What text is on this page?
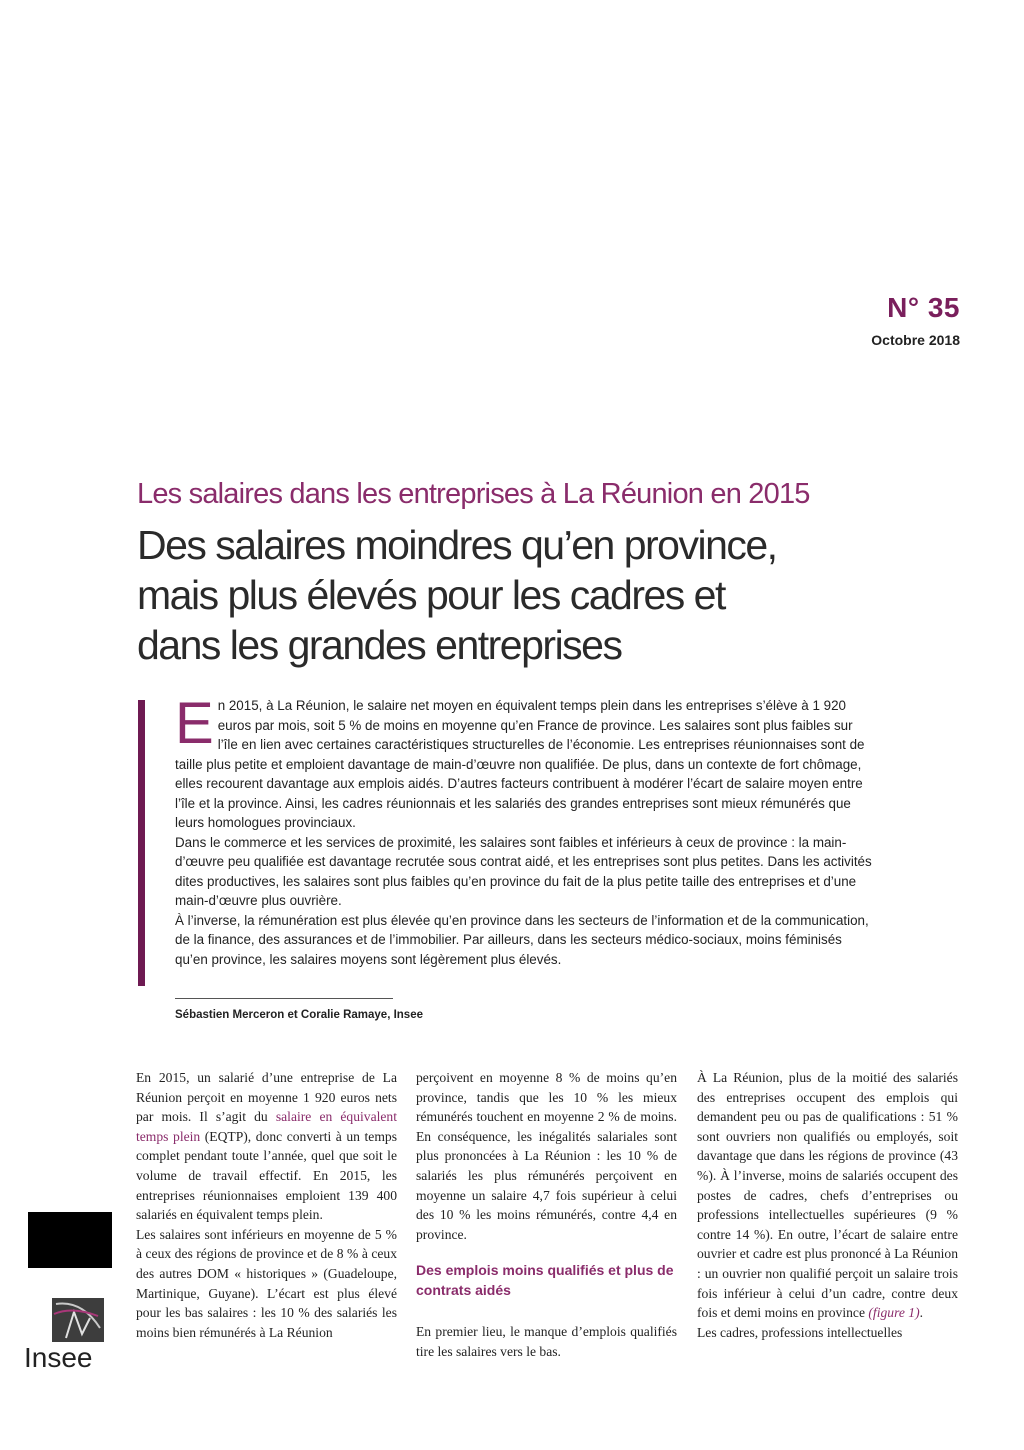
N° 35
Octobre 2018
Les salaires dans les entreprises à La Réunion en 2015
Des salaires moindres qu’en province,
mais plus élevés pour les cadres et
dans les grandes entreprises
E n 2015, à La Réunion, le salaire net moyen en équivalent temps plein dans les entreprises s’élève à 1 920 euros par mois, soit 5 % de moins en moyenne qu’en France de province. Les salaires sont plus faibles sur l’île en lien avec certaines caractéristiques structurelles de l’économie. Les entreprises réunionnaises sont de taille plus petite et emploient davantage de main-d’œuvre non qualifiée. De plus, dans un contexte de fort chômage, elles recourent davantage aux emplois aidés. D’autres facteurs contribuent à modérer l’écart de salaire moyen entre l’île et la province. Ainsi, les cadres réunionnais et les salariés des grandes entreprises sont mieux rémunérés que leurs homologues provinciaux.
Dans le commerce et les services de proximité, les salaires sont faibles et inférieurs à ceux de province : la main-d’œuvre peu qualifiée est davantage recrutée sous contrat aidé, et les entreprises sont plus petites. Dans les activités dites productives, les salaires sont plus faibles qu’en province du fait de la plus petite taille des entreprises et d’une main-d’œuvre plus ouvrière.
À l’inverse, la rémunération est plus élevée qu’en province dans les secteurs de l’information et de la communication, de la finance, des assurances et de l’immobilier. Par ailleurs, dans les secteurs médico-sociaux, moins féminisés qu’en province, les salaires moyens sont légèrement plus élevés.
Sébastien Merceron et Coralie Ramaye, Insee

En 2015, un salarié d’une entreprise de La Réunion perçoit en moyenne 1 920 euros nets par mois. Il s’agit du salaire en équivalent temps plein (EQTP), donc converti à un temps complet pendant toute l’année, quel que soit le volume de travail effectif. En 2015, les entreprises réunionnaises emploient 139 400 salariés en équivalent temps plein.

Les salaires sont inférieurs en moyenne de 5 % à ceux des régions de province et de 8 % à ceux des autres DOM « historiques » (Guadeloupe, Martinique, Guyane). L’écart est plus élevé pour les bas salaires : les 10 % des salariés les moins bien rémunérés à La Réunion

perçoivent en moyenne 8 % de moins qu’en province, tandis que les 10 % les mieux rémunérés touchent en moyenne 2 % de moins. En conséquence, les inégalités salariales sont plus prononcées à La Réunion : les 10 % de salariés les plus rémunérés perçoivent en moyenne un salaire 4,7 fois supérieur à celui des 10 % les moins rémunérés, contre 4,4 en province.

Des emplois moins qualifiés et plus de contrats aidés

En premier lieu, le manque d’emplois qualifiés tire les salaires vers le bas.

À La Réunion, plus de la moitié des salariés des entreprises occupent des emplois qui demandent peu ou pas de qualifications : 51 % sont ouvriers non qualifiés ou employés, soit davantage que dans les régions de province (43 %). À l’inverse, moins de salariés occupent des postes de cadres, chefs d’entreprises ou professions intellectuelles supérieures (9 % contre 14 %). En outre, l’écart de salaire entre ouvrier et cadre est plus prononcé à La Réunion : un ouvrier non qualifié perçoit un salaire trois fois inférieur à celui d’un cadre, contre deux fois et demi moins en province (figure 1).

Les cadres, professions intellectuelles

Insee
